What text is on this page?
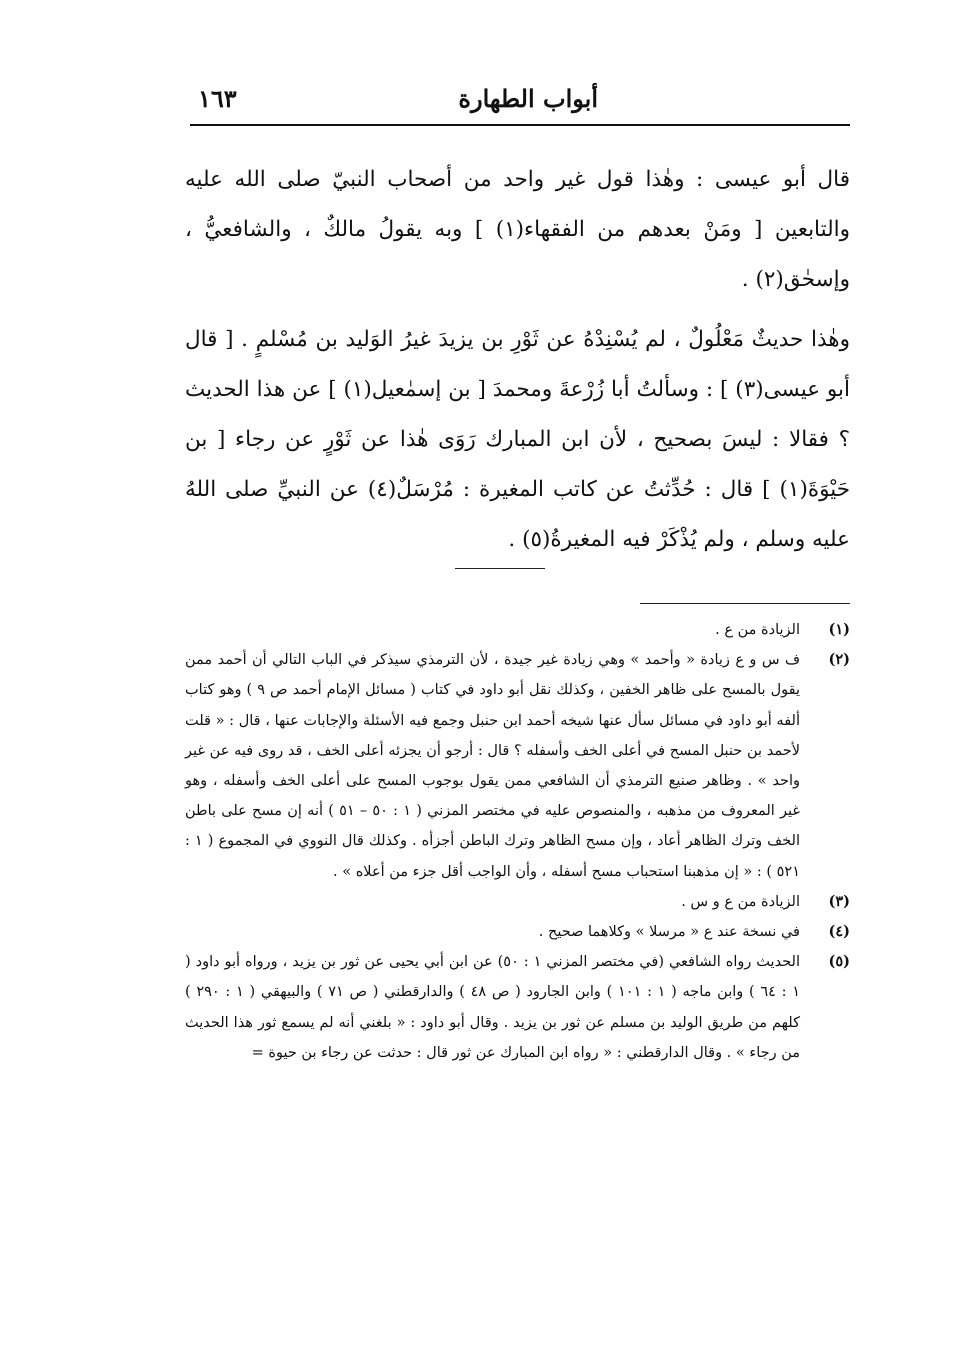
أبواب الطهارة
١٦٣

قال أبو عيسى : وهٰذا قول غير واحد من أصحاب النبيّ صلى الله عليه والتابعين [ ومَنْ بعدهم من الفقهاء(١) ] وبه يقولُ مالكٌ ، والشافعيُّ ، وإسحٰق(٢) .

وهٰذا حديثٌ مَعْلُولٌ ، لم يُسْنِدْهُ عن ثَوْرِ بن يزيدَ غيرُ الوَليد بن مُسْلمٍ . [ قال أبو عيسى(٣) ] : وسألتُ أبا زُرْعةَ ومحمدَ [ بن إسمٰعيل(١) ] عن هذا الحديث ؟ فقالا : ليسَ بصحيح ، لأن ابن المبارك رَوَى هٰذا عن ثَوْرٍ عن رجاء [ بن حَيْوَةَ(١) ] قال : حُدِّثتُ عن كاتب المغيرة : مُرْسَلٌ(٤) عن النبيِّ صلى اللهُ عليه وسلم ، ولم يُذْكَرْ فيه المغيرةُ(٥) .

(١)
الزيادة من ع .
(٢)
ف س و ع زيادة « وأحمد » وهي زيادة غير جيدة ، لأن الترمذي سيذكر في الباب التالي أن أحمد ممن يقول بالمسح على ظاهر الخفين ، وكذلك نقل أبو داود في كتاب ( مسائل الإمام أحمد ص ٩ ) وهو كتاب ألفه أبو داود في مسائل سأل عنها شيخه أحمد ابن حنبل وجمع فيه الأسئلة والإجابات عنها ، قال : « قلت لأحمد بن حنبل المسح في أعلى الخف وأسفله ؟ قال : أرجو أن يجزئه أعلى الخف ، قد روى فيه عن غير واحد » . وظاهر صنيع الترمذي أن الشافعي ممن يقول بوجوب المسح على أعلى الخف وأسفله ، وهو غير المعروف من مذهبه ، والمنصوص عليه في مختصر المزني ( ١ : ٥٠ – ٥١ ) أنه إن مسح على باطن الخف وترك الظاهر أعاد ، وإن مسح الظاهر وترك الباطن أجزأه . وكذلك قال النووي في المجموع ( ١ : ٥٢١ ) : « إن مذهبنا استحباب مسح أسفله ، وأن الواجب أقل جزء من أعلاه » .
(٣)
الزيادة من ع و س .
(٤)
في نسخة عند ع « مرسلا » وكلاهما صحيح .
(٥)
الحديث رواه الشافعي (في مختصر المزني ١ : ٥٠) عن ابن أبي يحيى عن ثور بن يزيد ، ورواه أبو داود ( ١ : ٦٤ ) وابن ماجه ( ١ : ١٠١ ) وابن الجارود ( ص ٤٨ ) والدارقطني ( ص ٧١ ) والبيهقي ( ١ : ٢٩٠ ) كلهم من طريق الوليد بن مسلم عن ثور بن يزيد . وقال أبو داود : « بلغني أنه لم يسمع ثور هذا الحديث من رجاء » . وقال الدارقطني : « رواه ابن المبارك عن ثور قال : حدثت عن رجاء بن حيوة =
